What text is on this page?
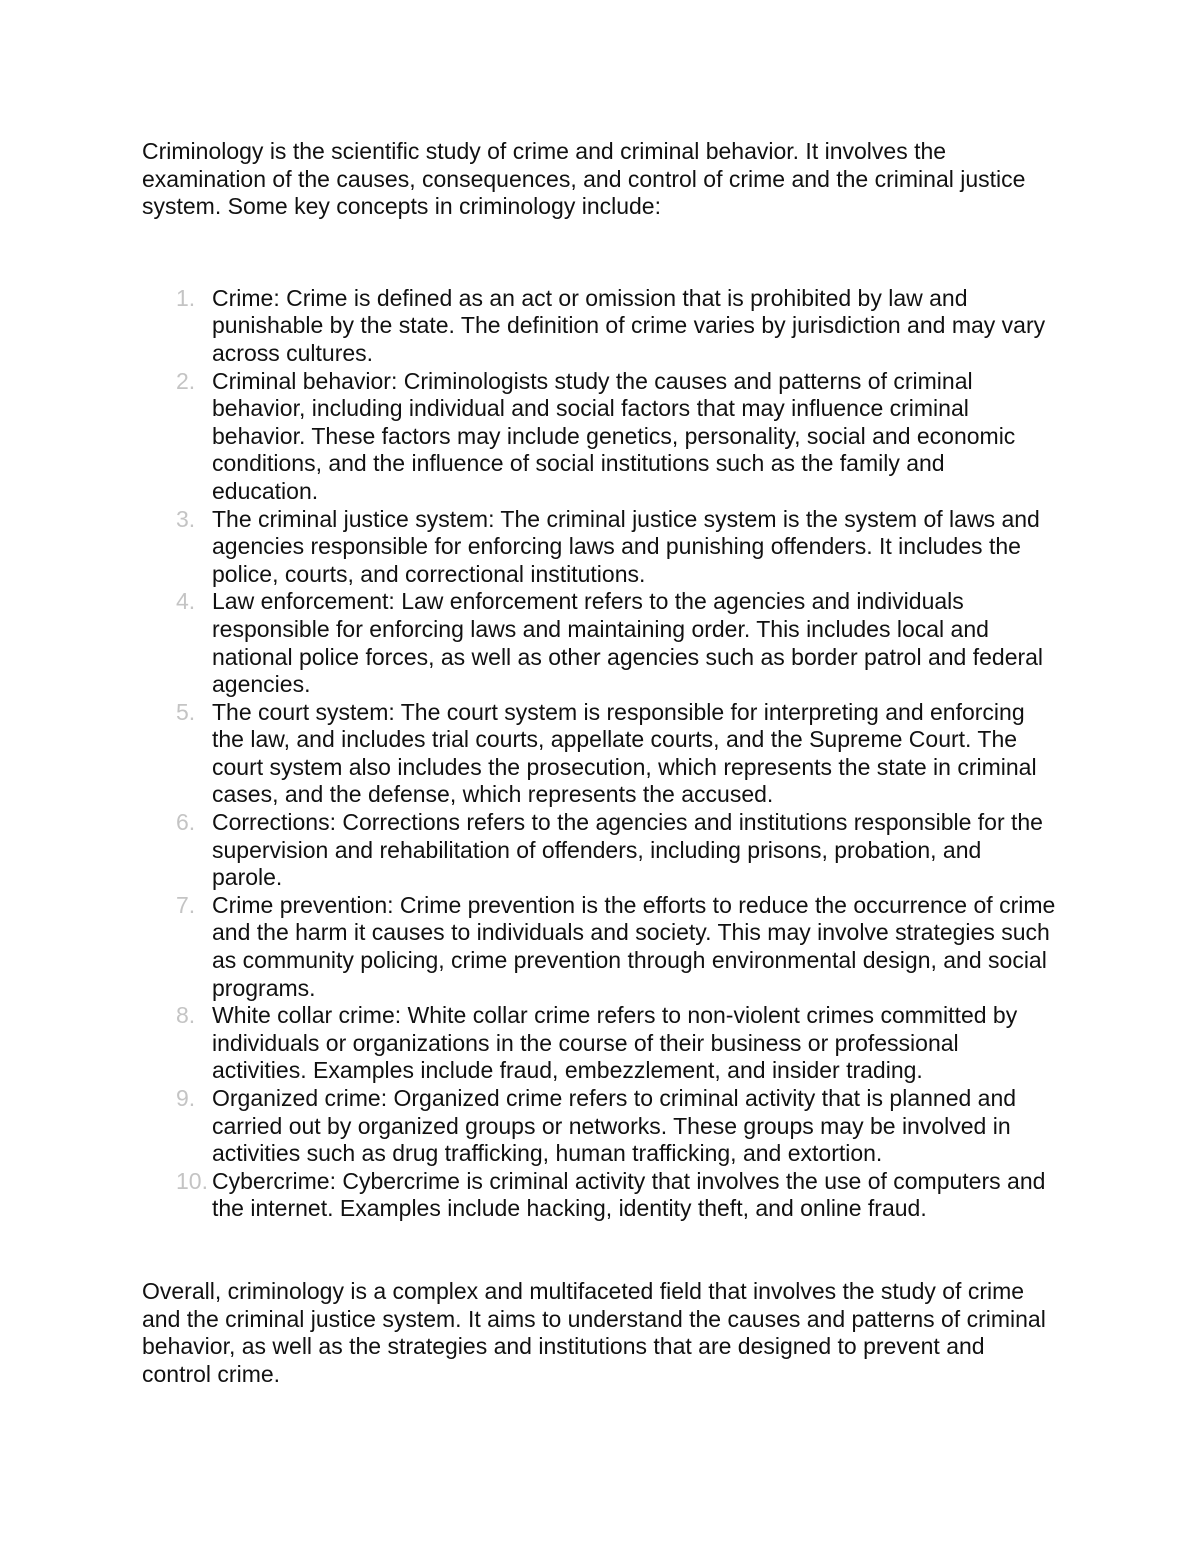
Criminology is the scientific study of crime and criminal behavior. It involves the examination of the causes, consequences, and control of crime and the criminal justice system. Some key concepts in criminology include:

1. Crime: Crime is defined as an act or omission that is prohibited by law and punishable by the state. The definition of crime varies by jurisdiction and may vary across cultures.
2. Criminal behavior: Criminologists study the causes and patterns of criminal behavior, including individual and social factors that may influence criminal behavior. These factors may include genetics, personality, social and economic conditions, and the influence of social institutions such as the family and education.
3. The criminal justice system: The criminal justice system is the system of laws and agencies responsible for enforcing laws and punishing offenders. It includes the police, courts, and correctional institutions.
4. Law enforcement: Law enforcement refers to the agencies and individuals responsible for enforcing laws and maintaining order. This includes local and national police forces, as well as other agencies such as border patrol and federal agencies.
5. The court system: The court system is responsible for interpreting and enforcing the law, and includes trial courts, appellate courts, and the Supreme Court. The court system also includes the prosecution, which represents the state in criminal cases, and the defense, which represents the accused.
6. Corrections: Corrections refers to the agencies and institutions responsible for the supervision and rehabilitation of offenders, including prisons, probation, and parole.
7. Crime prevention: Crime prevention is the efforts to reduce the occurrence of crime and the harm it causes to individuals and society. This may involve strategies such as community policing, crime prevention through environmental design, and social programs.
8. White collar crime: White collar crime refers to non-violent crimes committed by individuals or organizations in the course of their business or professional activities. Examples include fraud, embezzlement, and insider trading.
9. Organized crime: Organized crime refers to criminal activity that is planned and carried out by organized groups or networks. These groups may be involved in activities such as drug trafficking, human trafficking, and extortion.
10. Cybercrime: Cybercrime is criminal activity that involves the use of computers and the internet. Examples include hacking, identity theft, and online fraud.

Overall, criminology is a complex and multifaceted field that involves the study of crime and the criminal justice system. It aims to understand the causes and patterns of criminal behavior, as well as the strategies and institutions that are designed to prevent and control crime.
